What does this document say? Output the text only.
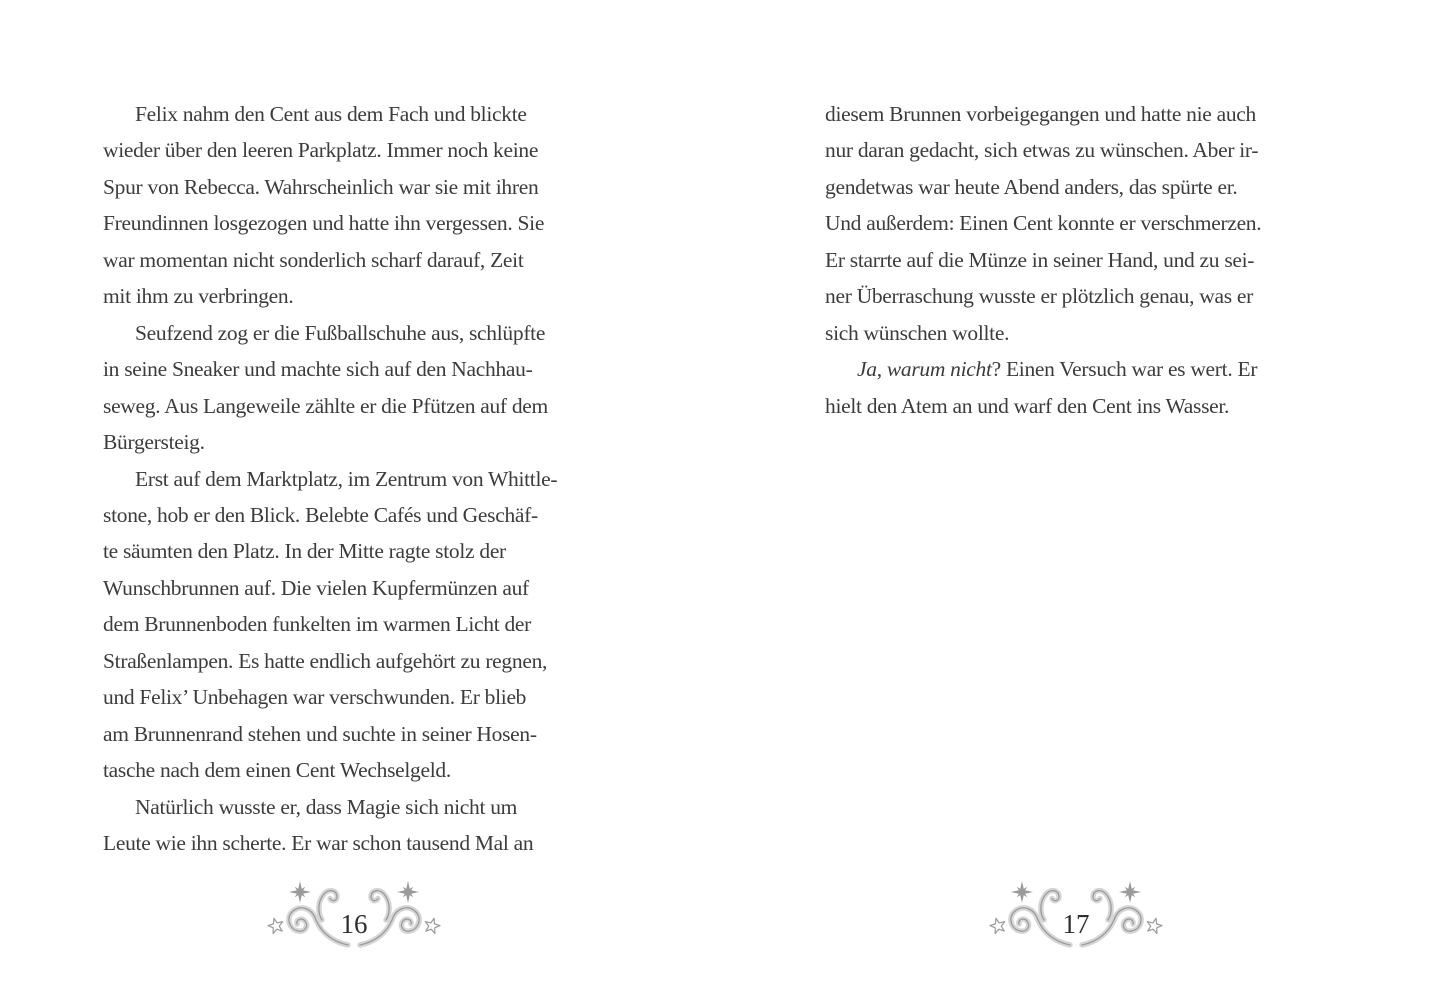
Felix nahm den Cent aus dem Fach und blickte
wieder über den leeren Parkplatz. Immer noch keine
Spur von Rebecca. Wahrscheinlich war sie mit ihren
Freundinnen losgezogen und hatte ihn vergessen. Sie
war momentan nicht sonderlich scharf darauf, Zeit
mit ihm zu verbringen.
Seufzend zog er die Fußballschuhe aus, schlüpfte
in seine Sneaker und machte sich auf den Nachhau-
seweg. Aus Langeweile zählte er die Pfützen auf dem
Bürgersteig.
Erst auf dem Marktplatz, im Zentrum von Whittle-
stone, hob er den Blick. Belebte Cafés und Geschäf-
te säumten den Platz. In der Mitte ragte stolz der
Wunschbrunnen auf. Die vielen Kupfermünzen auf
dem Brunnenboden funkelten im warmen Licht der
Straßenlampen. Es hatte endlich aufgehört zu regnen,
und Felix’ Unbehagen war verschwunden. Er blieb
am Brunnenrand stehen und suchte in seiner Hosen-
tasche nach dem einen Cent Wechselgeld.
Natürlich wusste er, dass Magie sich nicht um
Leute wie ihn scherte. Er war schon tausend Mal an
16
diesem Brunnen vorbeigegangen und hatte nie auch
nur daran gedacht, sich etwas zu wünschen. Aber ir-
gendetwas war heute Abend anders, das spürte er.
Und außerdem: Einen Cent konnte er verschmerzen.
Er starrte auf die Münze in seiner Hand, und zu sei-
ner Überraschung wusste er plötzlich genau, was er
sich wünschen wollte.
Ja, warum nicht? Einen Versuch war es wert. Er
hielt den Atem an und warf den Cent ins Wasser.
17
